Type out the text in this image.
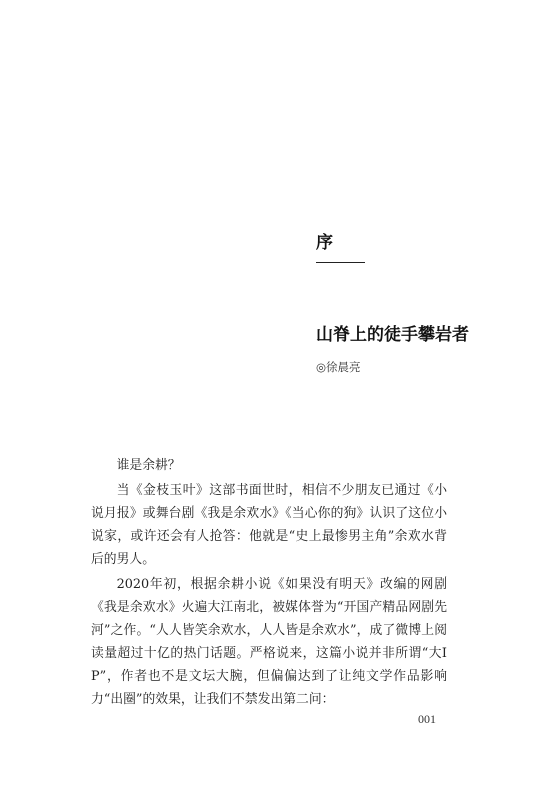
序
山脊上的徒手攀岩者
◎徐晨亮

谁是余耕？

当《金枝玉叶》这部书面世时，相信不少朋友已通过《小说月报》或舞台剧《我是余欢水》《当心你的狗》认识了这位小说家，或许还会有人抢答：他就是“史上最惨男主角”余欢水背后的男人。

2020年初，根据余耕小说《如果没有明天》改编的网剧《我是余欢水》火遍大江南北，被媒体誉为“开国产精品网剧先河”之作。“人人皆笑余欢水，人人皆是余欢水”，成了微博上阅读量超过十亿的热门话题。严格说来，这篇小说并非所谓“大IP”，作者也不是文坛大腕，但偏偏达到了让纯文学作品影响力“出圈”的效果，让我们不禁发出第二问：

001
